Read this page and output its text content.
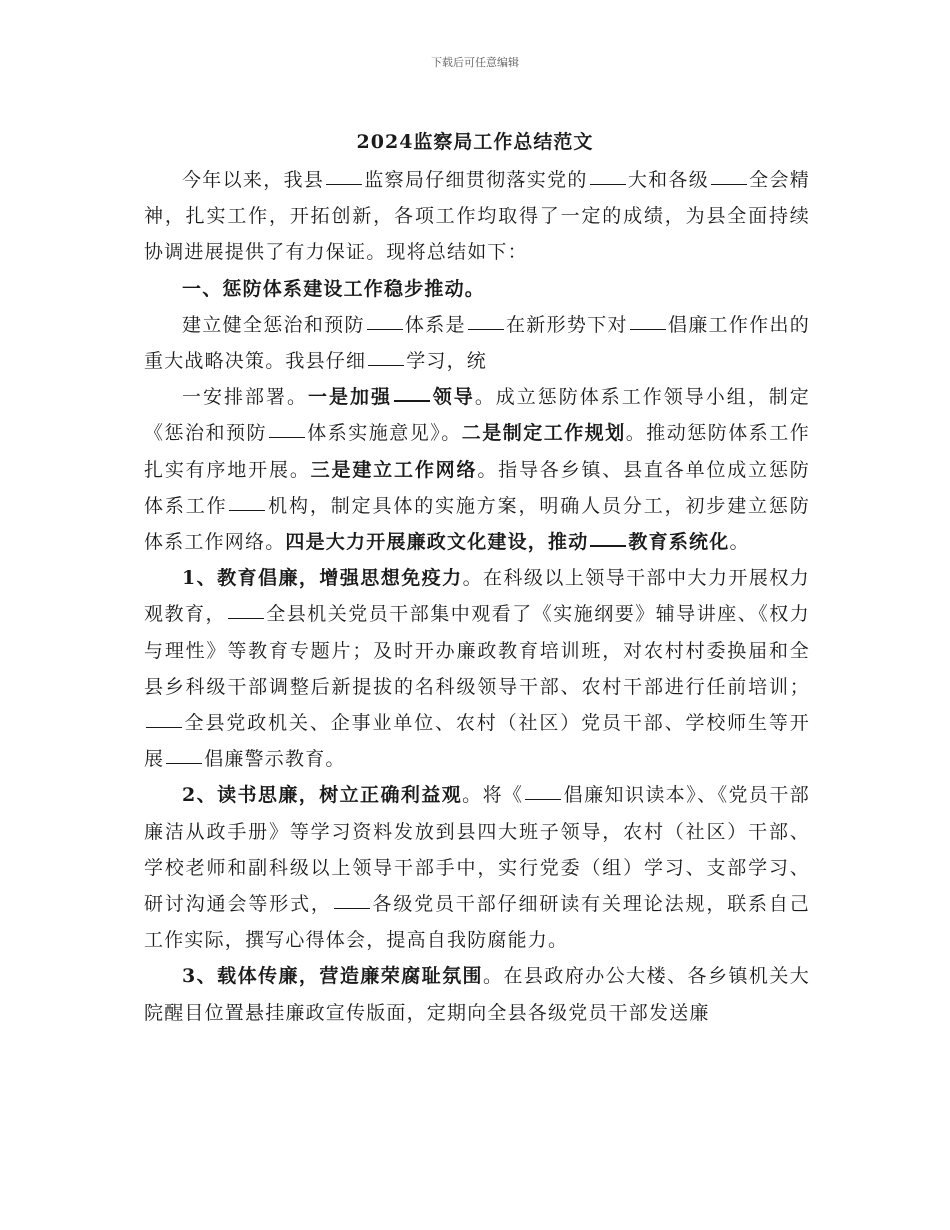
下载后可任意编辑
2024监察局工作总结范文

今年以来，我县 监察局仔细贯彻落实党的 大和各级 全会精神，扎实工作，开拓创新，各项工作均取得了一定的成绩，为县全面持续协调进展提供了有力保证。现将总结如下：

一、惩防体系建设工作稳步推动。

建立健全惩治和预防 体系是 在新形势下对 倡廉工作作出的重大战略决策。我县仔细 学习，统

一安排部署。一是加强 领导。成立惩防体系工作领导小组，制定《惩治和预防 体系实施意见》。二是制定工作规划。推动惩防体系工作扎实有序地开展。三是建立工作网络。指导各乡镇、县直各单位成立惩防体系工作 机构，制定具体的实施方案，明确人员分工，初步建立惩防体系工作网络。四是大力开展廉政文化建设，推动 教育系统化。

1、教育倡廉，增强思想免疫力。在科级以上领导干部中大力开展权力观教育， 全县机关党员干部集中观看了《实施纲要》辅导讲座、《权力与理性》等教育专题片；及时开办廉政教育培训班，对农村村委换届和全县乡科级干部调整后新提拔的名科级领导干部、农村干部进行任前培训；全县党政机关、企事业单位、农村（社区）党员干部、学校师生等开展 倡廉警示教育。

2、读书思廉，树立正确利益观。将《 倡廉知识读本》、《党员干部廉洁从政手册》等学习资料发放到县四大班子领导，农村（社区）干部、学校老师和副科级以上领导干部手中，实行党委（组）学习、支部学习、研讨沟通会等形式， 各级党员干部仔细研读有关理论法规，联系自己工作实际，撰写心得体会，提高自我防腐能力。

3、载体传廉，营造廉荣腐耻氛围。在县政府办公大楼、各乡镇机关大院醒目位置悬挂廉政宣传版面，定期向全县各级党员干部发送廉
